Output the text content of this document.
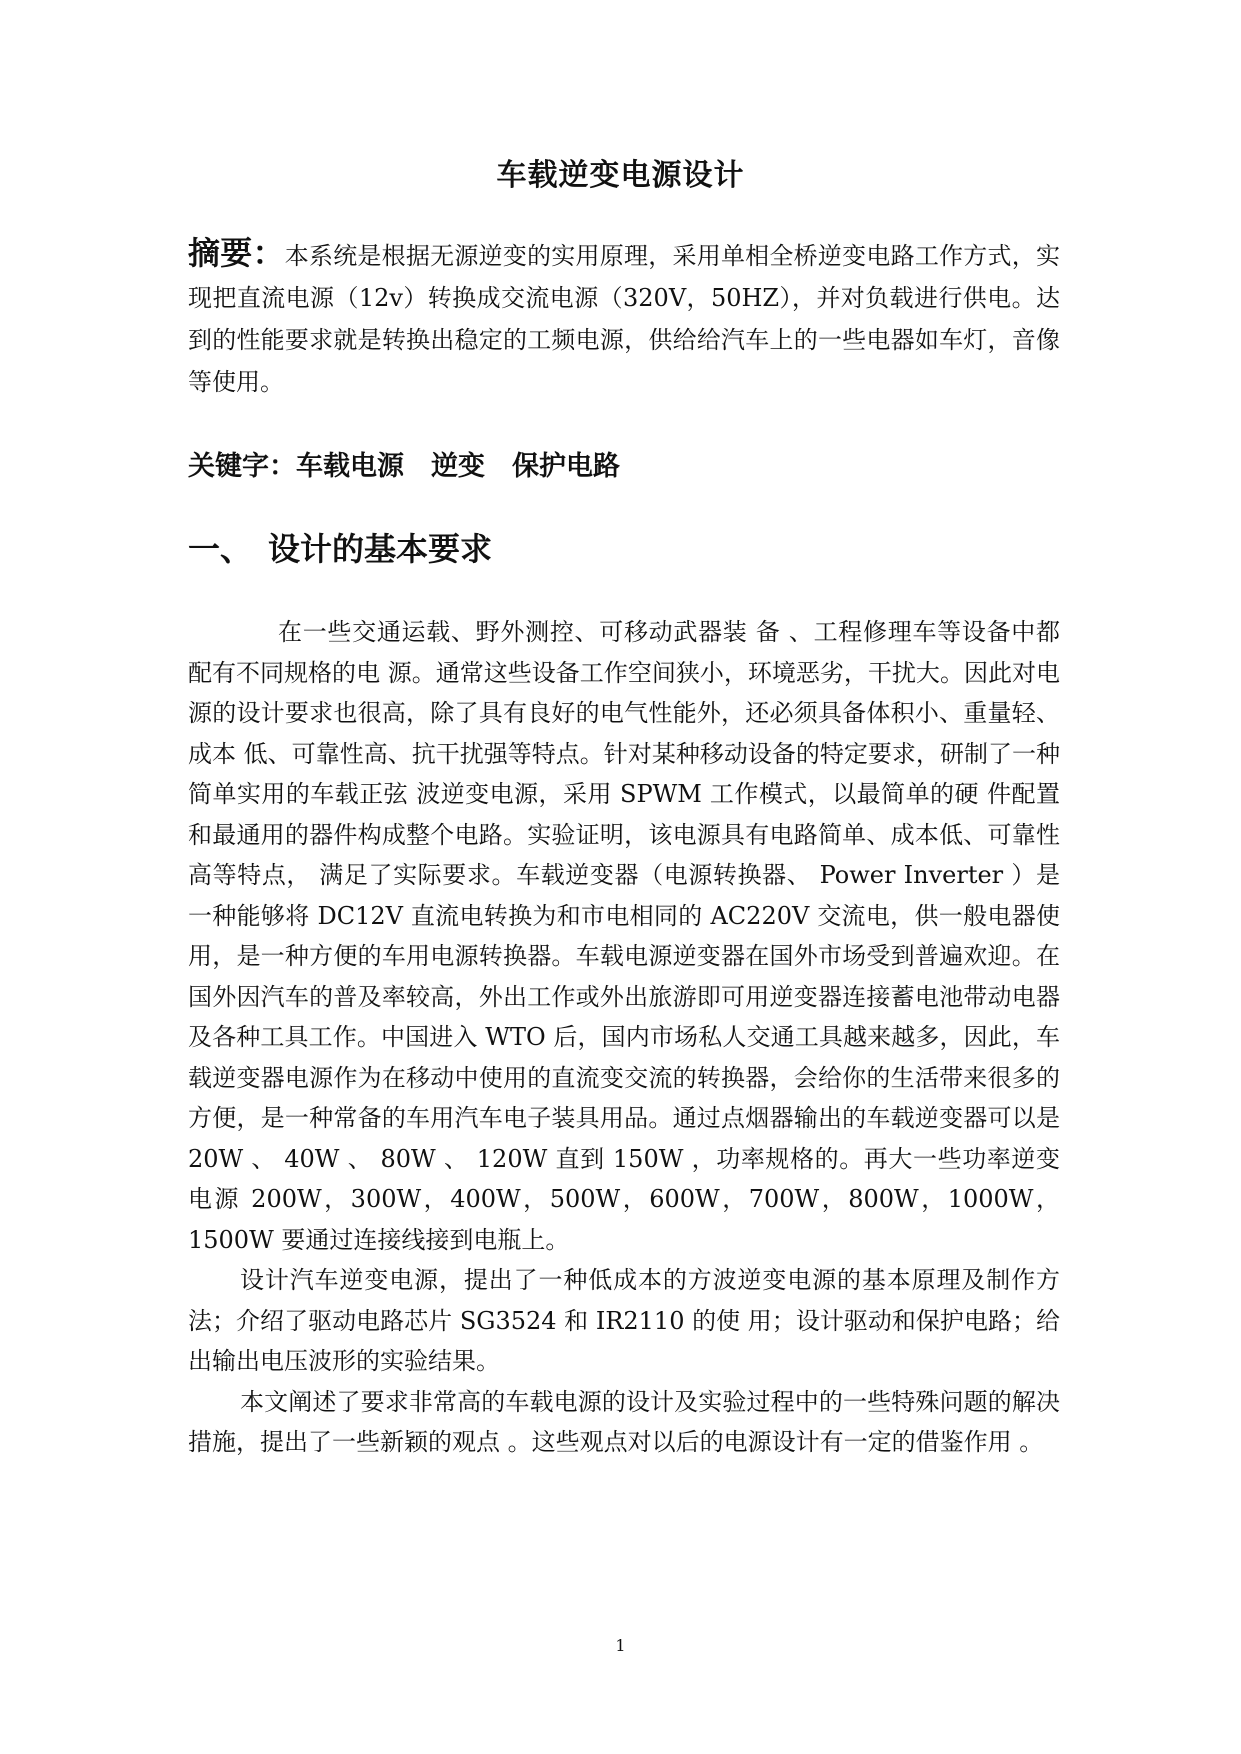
车载逆变电源设计

摘要：本系统是根据无源逆变的实用原理，采用单相全桥逆变电路工作方式，实现把直流电源（12v）转换成交流电源（320V，50HZ），并对负载进行供电。达到的性能要求就是转换出稳定的工频电源，供给给汽车上的一些电器如车灯，音像等使用。

关键字：车载电源　逆变　保护电路

一、　设计的基本要求

在一些交通运载、野外测控、可移动武器装 备 、工程修理车等设备中都配有不同规格的电 源。通常这些设备工作空间狭小，环境恶劣，干扰大。因此对电源的设计要求也很高，除了具有良好的电气性能外，还必须具备体积小、重量轻、成本 低、可靠性高、抗干扰强等特点。针对某种移动设备的特定要求，研制了一种简单实用的车载正弦 波逆变电源，采用 SPWM 工作模式，以最简单的硬 件配置和最通用的器件构成整个电路。实验证明，该电源具有电路简单、成本低、可靠性高等特点， 满足了实际要求。车载逆变器（电源转换器、 Power Inverter ）是一种能够将 DC12V 直流电转换为和市电相同的 AC220V 交流电，供一般电器使用，是一种方便的车用电源转换器。车载电源逆变器在国外市场受到普遍欢迎。在国外因汽车的普及率较高，外出工作或外出旅游即可用逆变器连接蓄电池带动电器及各种工具工作。中国进入 WTO 后，国内市场私人交通工具越来越多，因此，车载逆变器电源作为在移动中使用的直流变交流的转换器，会给你的生活带来很多的方便，是一种常备的车用汽车电子装具用品。通过点烟器输出的车载逆变器可以是 20W 、 40W 、 80W 、 120W 直到 150W ，功率规格的。再大一些功率逆变电源 200W，300W，400W，500W，600W，700W，800W，1000W，1500W 要通过连接线接到电瓶上。

设计汽车逆变电源，提出了一种低成本的方波逆变电源的基本原理及制作方法；介绍了驱动电路芯片 SG3524 和 IR2110 的使 用；设计驱动和保护电路；给出输出电压波形的实验结果。

本文阐述了要求非常高的车载电源的设计及实验过程中的一些特殊问题的解决措施，提出了一些新颖的观点 。这些观点对以后的电源设计有一定的借鉴作用 。

1
